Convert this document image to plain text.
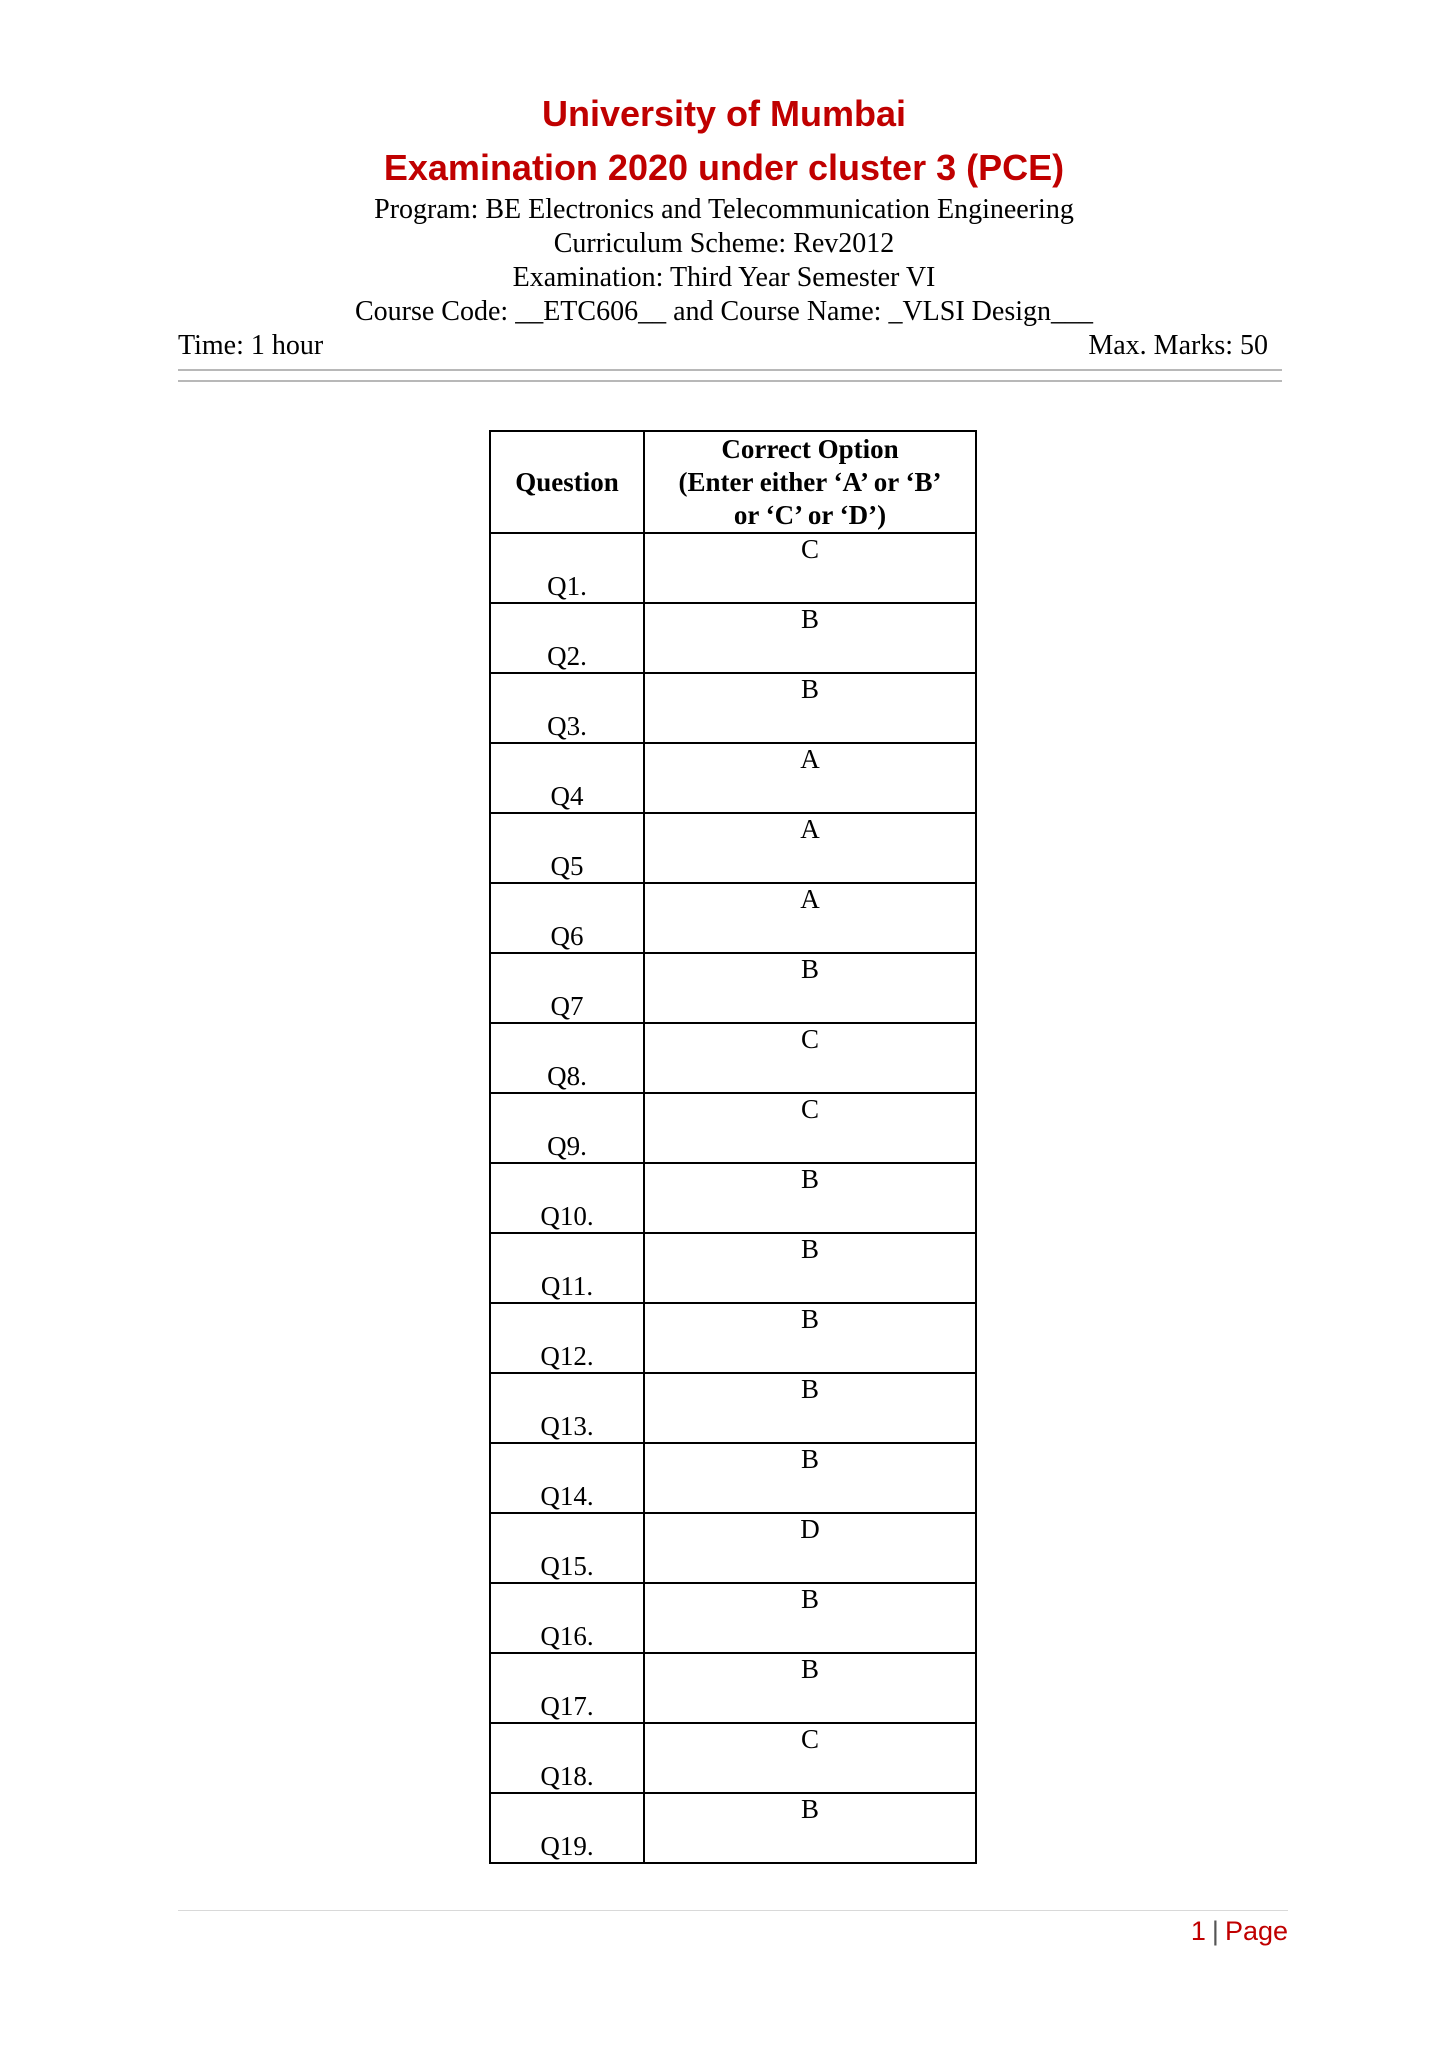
University of Mumbai
Examination 2020 under cluster 3 (PCE)
Program: BE Electronics and Telecommunication Engineering
Curriculum Scheme: Rev2012
Examination: Third Year Semester VI
Course Code: __ETC606__ and Course Name: _VLSI Design___
Time: 1 hour	Max. Marks: 50
Question	Correct Option
(Enter either ‘A’ or ‘B’
or ‘C’ or ‘D’)

Q1.	C
Q2.	B
Q3.	B
Q4	A
Q5	A
Q6	A
Q7	B
Q8.	C
Q9.	C
Q10.	B
Q11.	B
Q12.	B
Q13.	B
Q14.	B
Q15.	D
Q16.	B
Q17.	B
Q18.	C
Q19.	B
1 | Page
